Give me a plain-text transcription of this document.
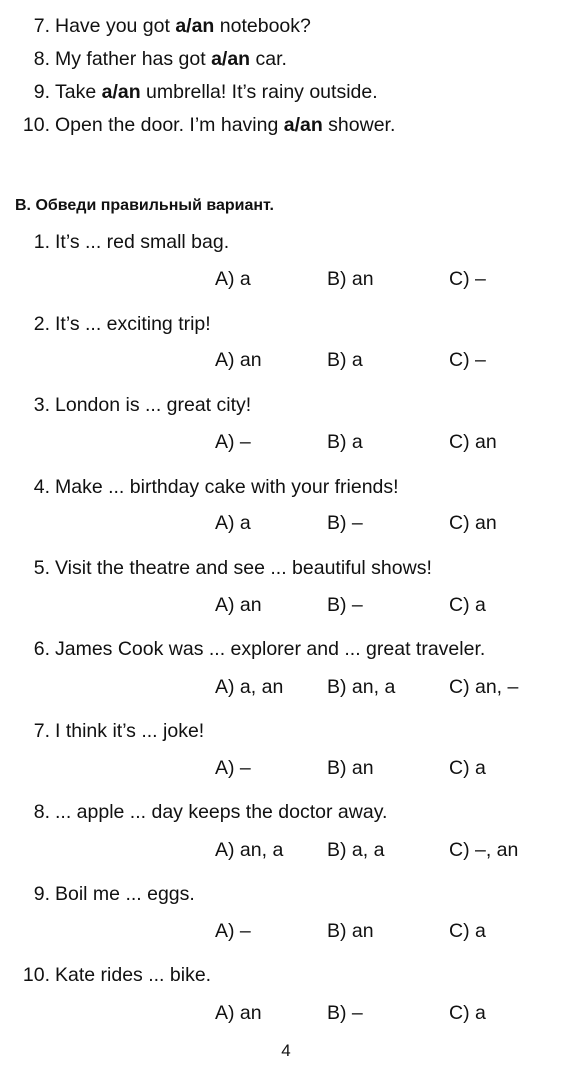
7. Have you got a/an notebook?
8. My father has got a/an car.
9. Take a/an umbrella! It’s rainy outside.
10. Open the door. I’m having a/an shower.
B. Обведи правильный вариант.
1. It’s ... red small bag.
A) a	B) an	C) –
2. It’s ... exciting trip!
A) an	B) a	C) –
3. London is ... great city!
A) –	B) a	C) an
4. Make ... birthday cake with your friends!
A) a	B) –	C) an
5. Visit the theatre and see ... beautiful shows!
A) an	B) –	C) a
6. James Cook was ... explorer and ... great traveler.
A) a, an B) an, a	C) an, –
7. I think it’s ... joke!
A) –	B) an	C) a
8. ... apple ... day keeps the doctor away.
A) an, a B) a, a	C) –, an
9. Boil me ... eggs.
A) –	B) an	C) a
10. Kate rides ... bike.
A) an	B) –	C) a
4
